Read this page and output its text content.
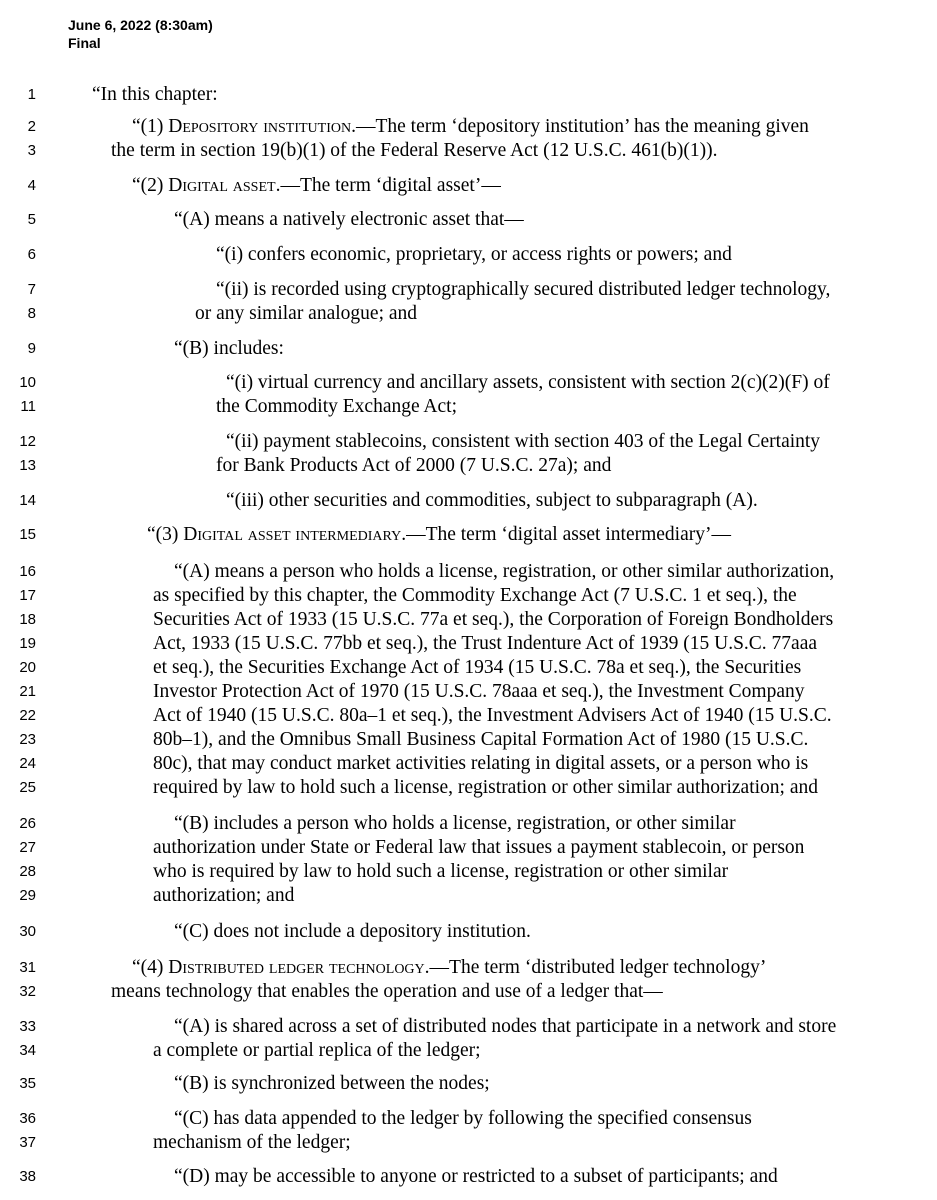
June 6, 2022 (8:30am)
Final
1	“In this chapter:
2	“(1) Depository institution.—The term ‘depository institution’ has the meaning given
3	the term in section 19(b)(1) of the Federal Reserve Act (12 U.S.C. 461(b)(1)).
4	“(2) Digital asset.—The term ‘digital asset’—
5	“(A) means a natively electronic asset that—
6	“(i) confers economic, proprietary, or access rights or powers; and
7	“(ii) is recorded using cryptographically secured distributed ledger technology,
8	or any similar analogue; and
9	“(B) includes:
10	“(i) virtual currency and ancillary assets, consistent with section 2(c)(2)(F) of
11	the Commodity Exchange Act;
12	“(ii) payment stablecoins, consistent with section 403 of the Legal Certainty
13	for Bank Products Act of 2000 (7 U.S.C. 27a); and
14	“(iii) other securities and commodities, subject to subparagraph (A).
15	“(3) Digital asset intermediary.—The term ‘digital asset intermediary’—
16	“(A) means a person who holds a license, registration, or other similar authorization,
17	as specified by this chapter, the Commodity Exchange Act (7 U.S.C. 1 et seq.), the
18	Securities Act of 1933 (15 U.S.C. 77a et seq.), the Corporation of Foreign Bondholders
19	Act, 1933 (15 U.S.C. 77bb et seq.), the Trust Indenture Act of 1939 (15 U.S.C. 77aaa
20	et seq.), the Securities Exchange Act of 1934 (15 U.S.C. 78a et seq.), the Securities
21	Investor Protection Act of 1970 (15 U.S.C. 78aaa et seq.), the Investment Company
22	Act of 1940 (15 U.S.C. 80a–1 et seq.), the Investment Advisers Act of 1940 (15 U.S.C.
23	80b–1), and the Omnibus Small Business Capital Formation Act of 1980 (15 U.S.C.
24	80c), that may conduct market activities relating in digital assets, or a person who is
25	required by law to hold such a license, registration or other similar authorization; and
26	“(B) includes a person who holds a license, registration, or other similar
27	authorization under State or Federal law that issues a payment stablecoin, or person
28	who is required by law to hold such a license, registration or other similar
29	authorization; and
30	“(C) does not include a depository institution.
31	“(4) Distributed ledger technology.—The term ‘distributed ledger technology’
32	means technology that enables the operation and use of a ledger that—
33	“(A) is shared across a set of distributed nodes that participate in a network and store
34	a complete or partial replica of the ledger;
35	“(B) is synchronized between the nodes;
36	“(C) has data appended to the ledger by following the specified consensus
37	mechanism of the ledger;
38	“(D) may be accessible to anyone or restricted to a subset of participants; and
